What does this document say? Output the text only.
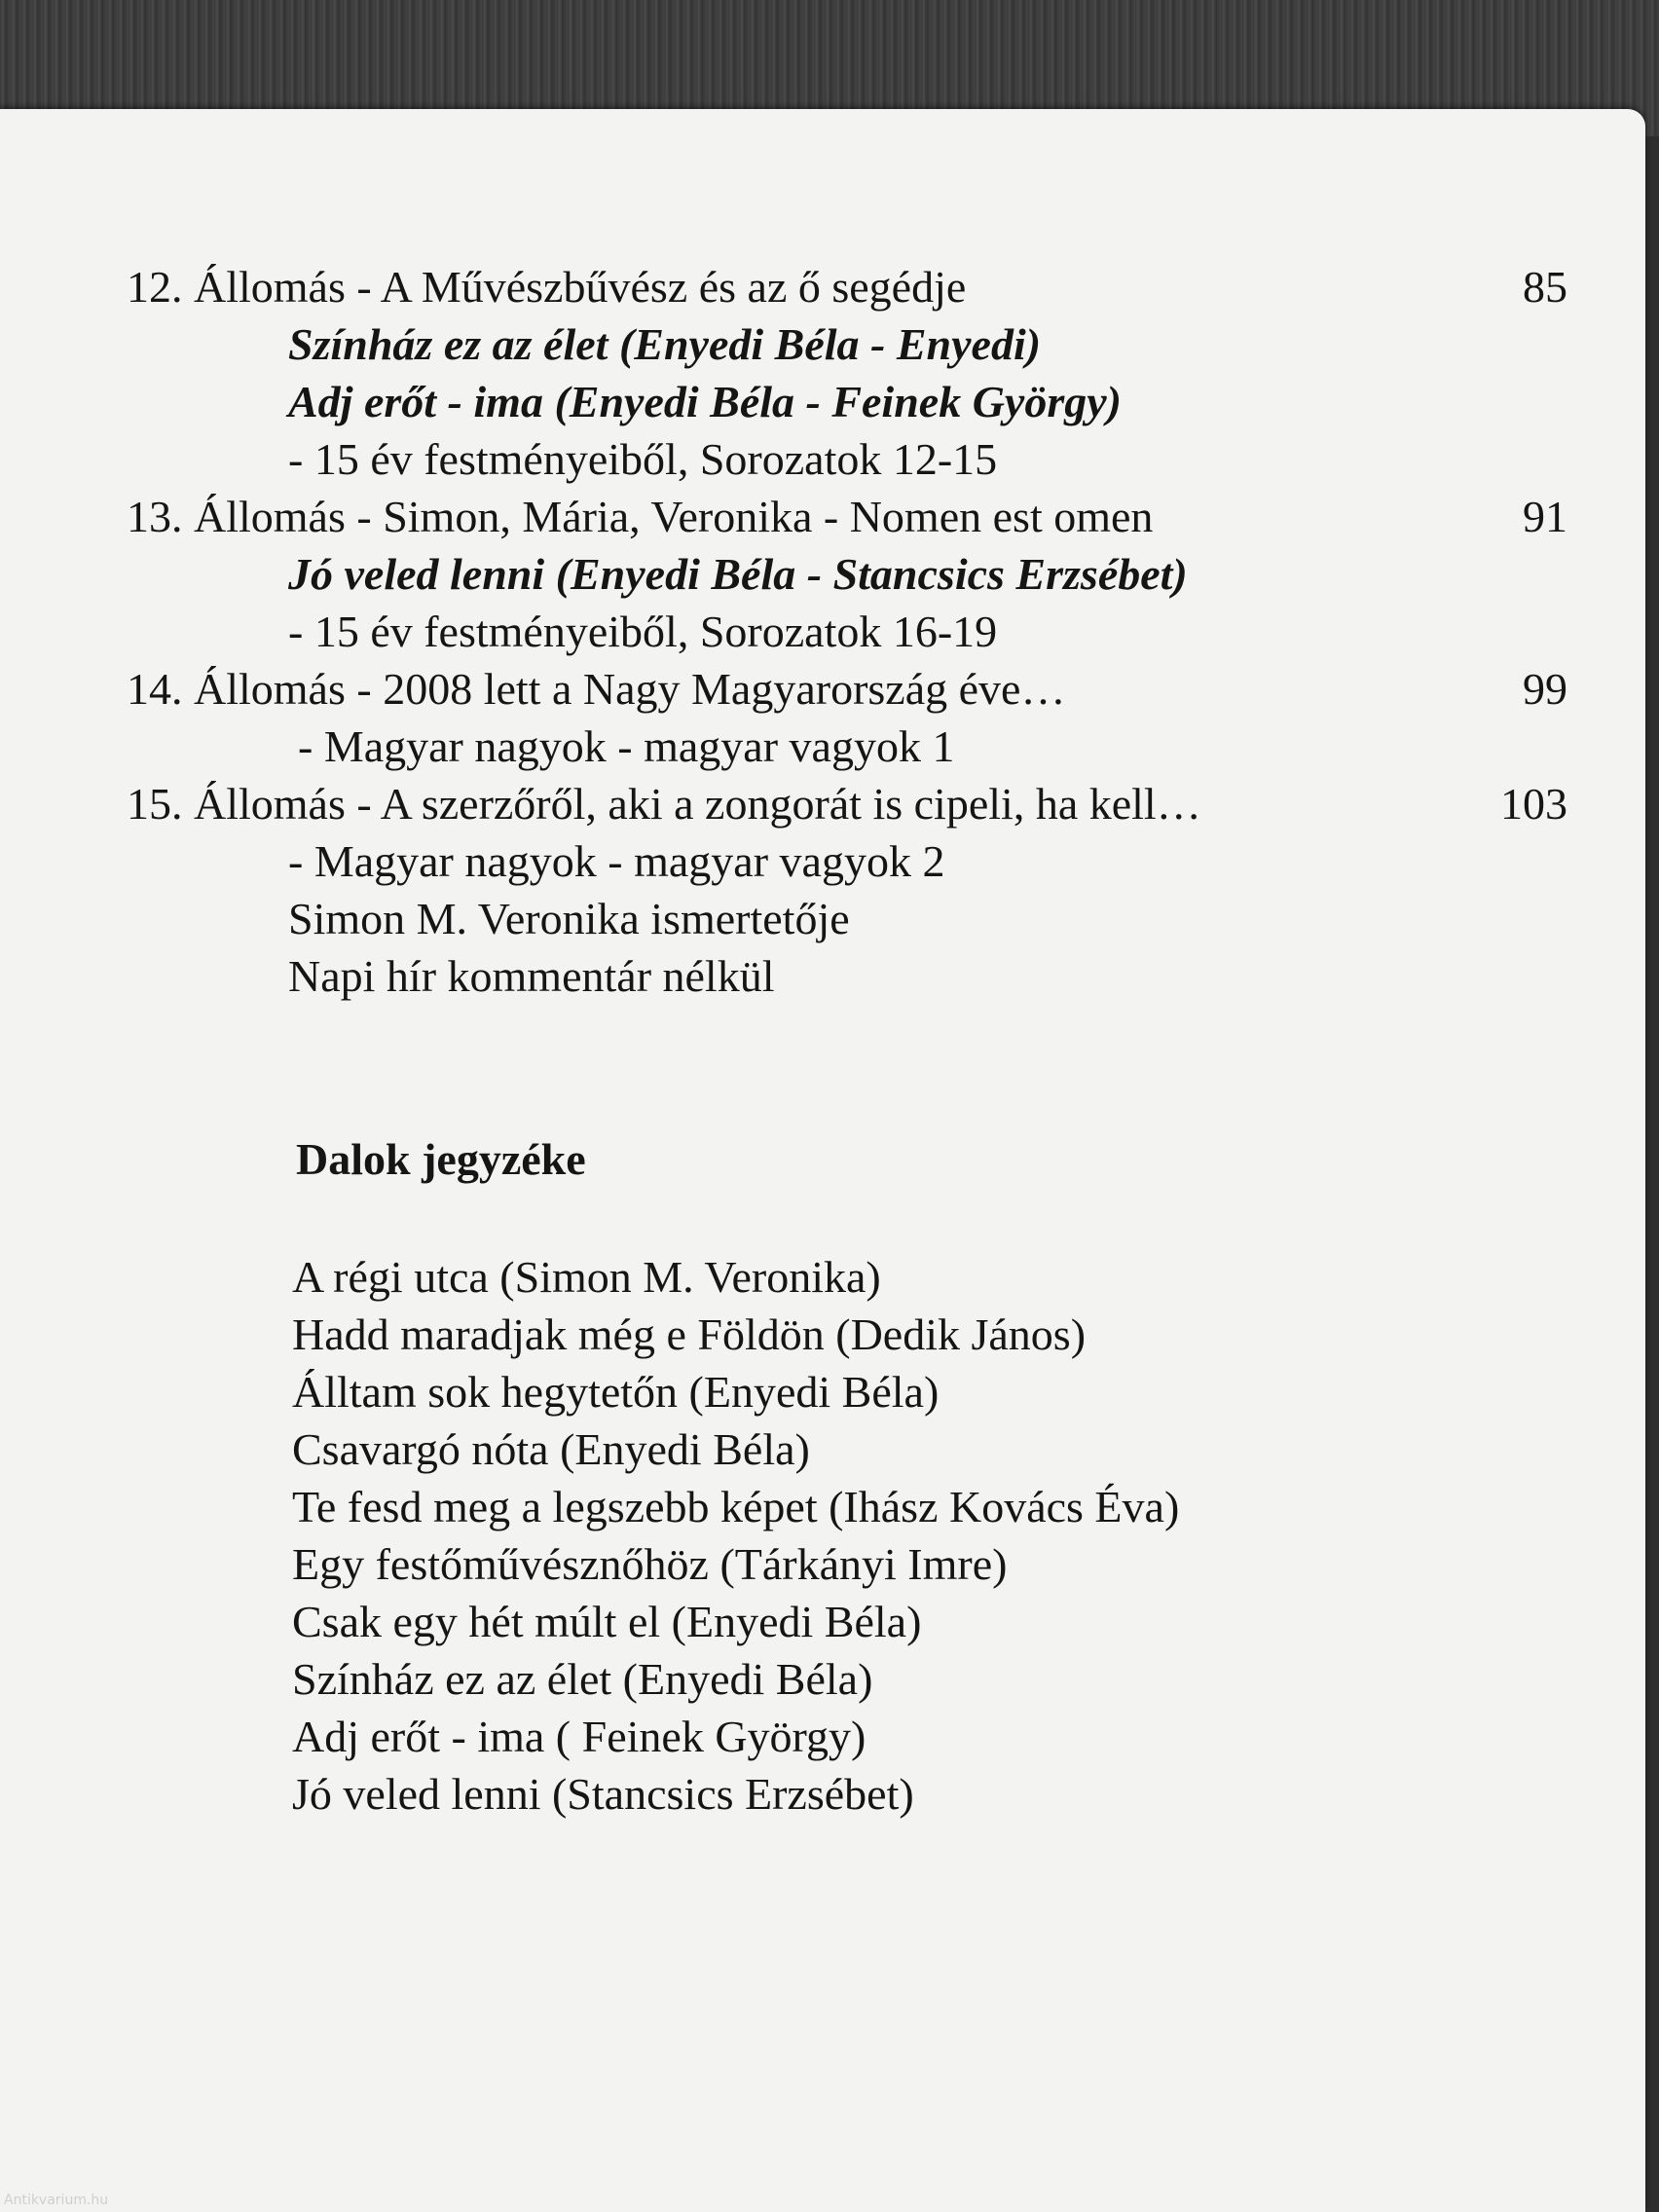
12. Állomás - A Művészbűvész és az ő segédje	85
Színház ez az élet (Enyedi Béla - Enyedi)
Adj erőt - ima (Enyedi Béla - Feinek György)
- 15 év festményeiből, Sorozatok 12-15
13. Állomás - Simon, Mária, Veronika - Nomen est omen	91
Jó veled lenni (Enyedi Béla - Stancsics Erzsébet)
- 15 év festményeiből, Sorozatok 16-19
14. Állomás - 2008 lett a Nagy Magyarország éve…	99
- Magyar nagyok - magyar vagyok 1
15. Állomás - A szerzőről, aki a zongorát is cipeli, ha kell…	103
- Magyar nagyok - magyar vagyok 2
Simon M. Veronika ismertetője
Napi hír kommentár nélkül
Dalok jegyzéke
A régi utca (Simon M. Veronika)
Hadd maradjak még e Földön (Dedik János)
Álltam sok hegytetőn (Enyedi Béla)
Csavargó nóta (Enyedi Béla)
Te fesd meg a legszebb képet (Ihász Kovács Éva)
Egy festőművésznőhöz (Tárkányi Imre)
Csak egy hét múlt el (Enyedi Béla)
Színház ez az élet (Enyedi Béla)
Adj erőt - ima ( Feinek György)
Jó veled lenni (Stancsics Erzsébet)
Antikvarium.hu
